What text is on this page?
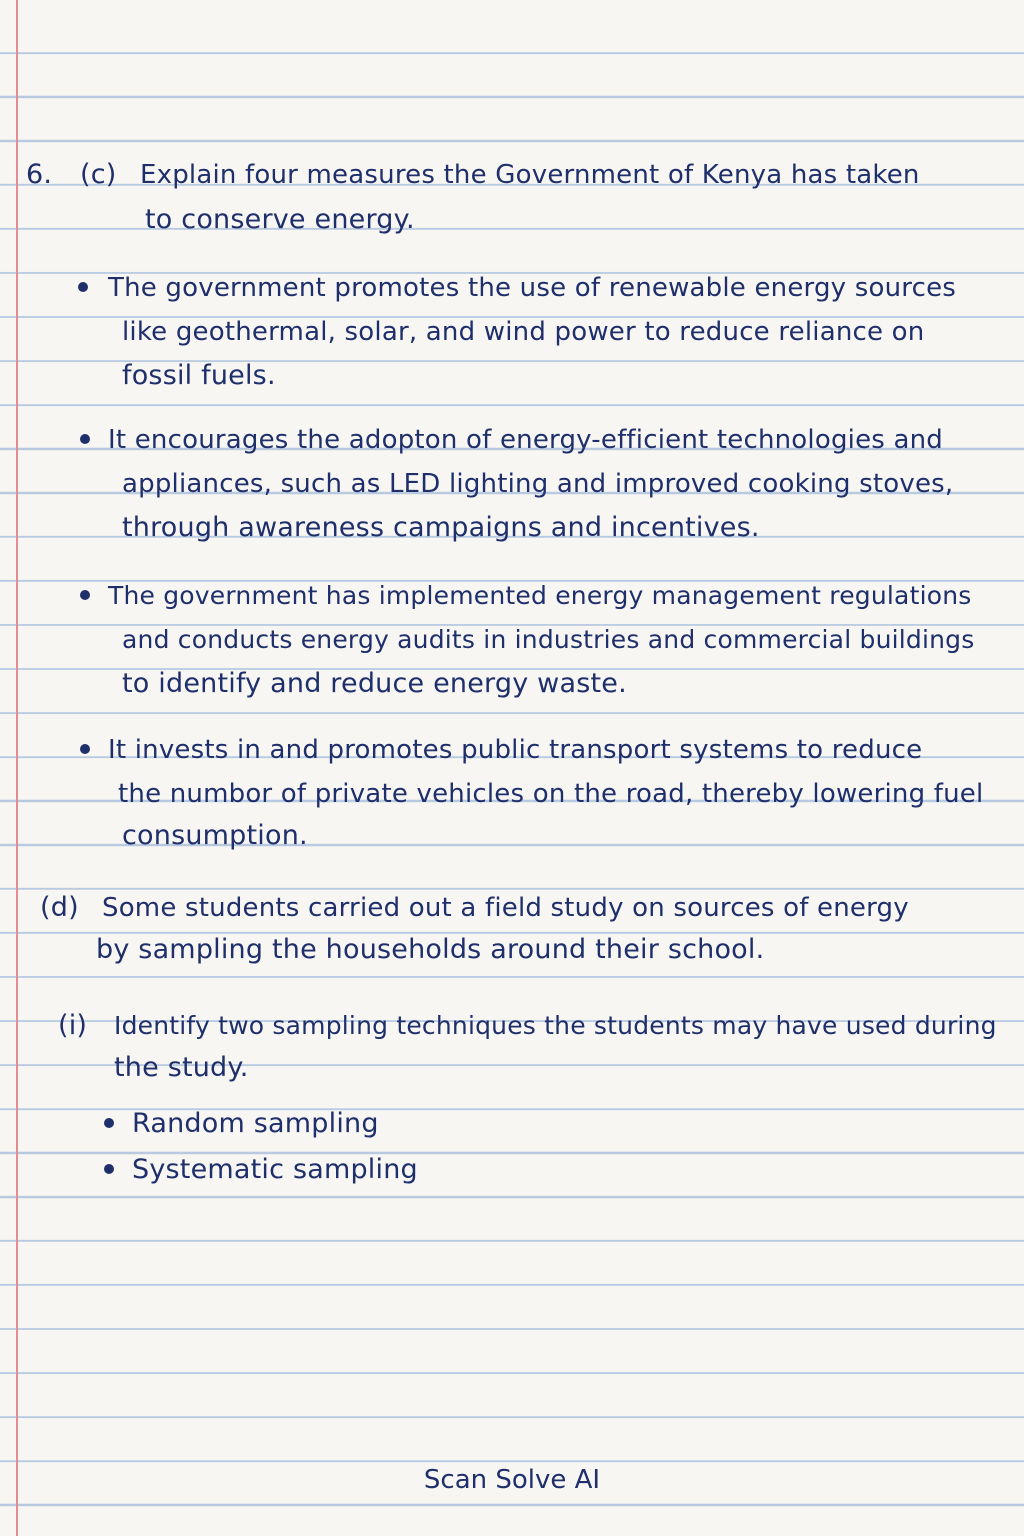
6. (c) Explain four measures the Government of Kenya has taken
to conserve energy.
The government promotes the use of renewable energy sources
like geothermal, solar, and wind power to reduce reliance on
fossil fuels.
It encourages the adopton of energy-efficient technologies and
appliances, such as LED lighting and improved cooking stoves,
through awareness campaigns and incentives.
The government has implemented energy management regulations
and conducts energy audits in industries and commercial buildings
to identify and reduce energy waste.
It invests in and promotes public transport systems to reduce
the numbor of private vehicles on the road, thereby lowering fuel
consumption.
(d) Some students carried out a field study on sources of energy
by sampling the households around their school.
(i) Identify two sampling techniques the students may have used during
the study.
Random sampling
Systematic sampling
Scan Solve AI
